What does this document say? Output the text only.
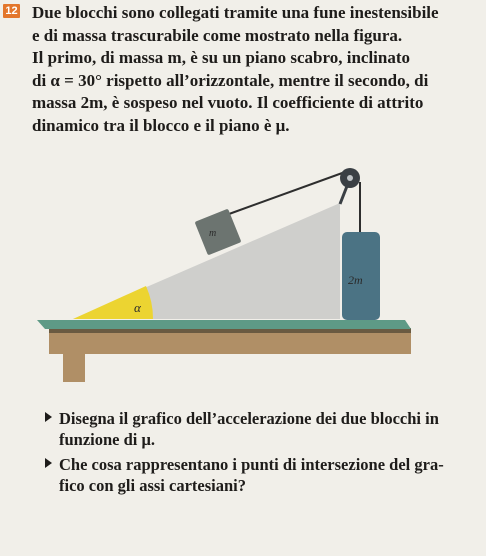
12 Due blocchi sono collegati tramite una fune inestensibile
e di massa trascurabile come mostrato nella figura.
Il primo, di massa m, è su un piano scabro, inclinato
di α = 30° rispetto all’orizzontale, mentre il secondo, di
massa 2m, è sospeso nel vuoto. Il coefficiente di attrito
dinamico tra il blocco e il piano è μ.

α
m
2m
Disegna il grafico dell’accelerazione dei due blocchi in
funzione di μ.
Che cosa rappresentano i punti di intersezione del gra-
fico con gli assi cartesiani?
